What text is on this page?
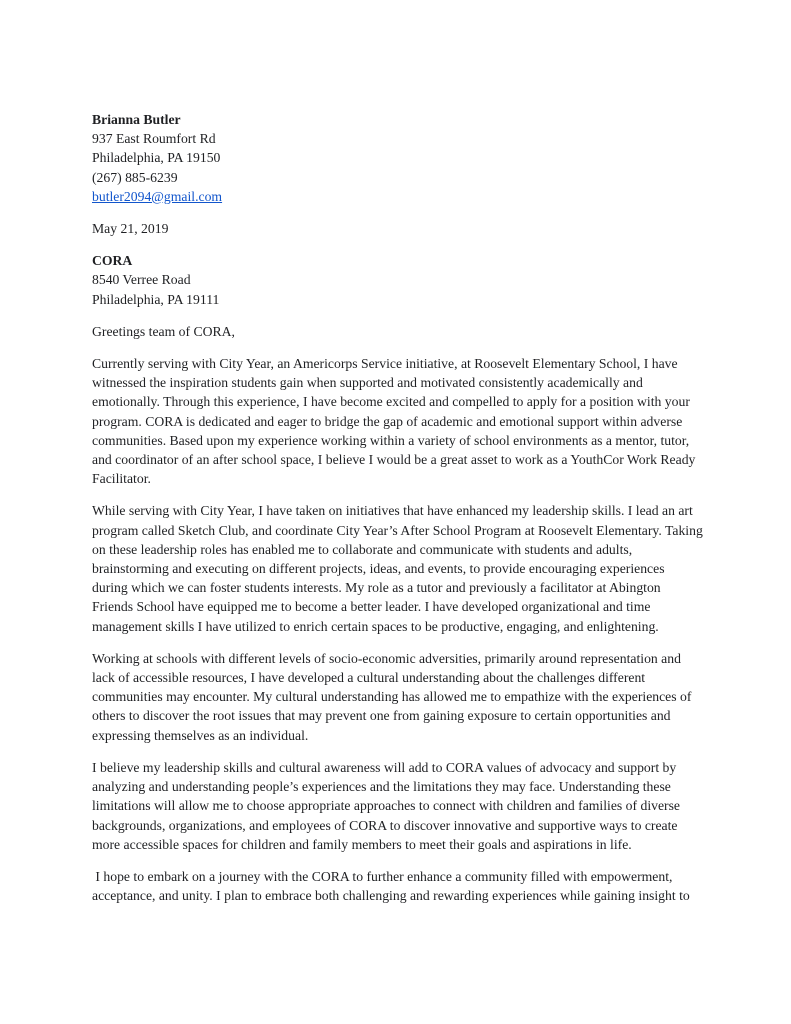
Brianna Butler
937 East Roumfort Rd
Philadelphia, PA 19150
(267) 885-6239
butler2094@gmail.com
May 21, 2019
CORA
8540 Verree Road
Philadelphia, PA 19111
Greetings team of CORA,

Currently serving with City Year, an Americorps Service initiative, at Roosevelt Elementary School, I have witnessed the inspiration students gain when supported and motivated consistently academically and emotionally. Through this experience, I have become excited and compelled to apply for a position with your program. CORA is dedicated and eager to bridge the gap of academic and emotional support within adverse communities. Based upon my experience working within a variety of school environments as a mentor, tutor, and coordinator of an after school space, I believe I would be a great asset to work as a YouthCor Work Ready Facilitator.

While serving with City Year, I have taken on initiatives that have enhanced my leadership skills. I lead an art program called Sketch Club, and coordinate City Year’s After School Program at Roosevelt Elementary. Taking on these leadership roles has enabled me to collaborate and communicate with students and adults, brainstorming and executing on different projects, ideas, and events, to provide encouraging experiences during which we can foster students interests. My role as a tutor and previously a facilitator at Abington Friends School have equipped me to become a better leader. I have developed organizational and time management skills I have utilized to enrich certain spaces to be productive, engaging, and enlightening.

Working at schools with different levels of socio-economic adversities, primarily around representation and lack of accessible resources, I have developed a cultural understanding about the challenges different communities may encounter. My cultural understanding has allowed me to empathize with the experiences of others to discover the root issues that may prevent one from gaining exposure to certain opportunities and expressing themselves as an individual.

I believe my leadership skills and cultural awareness will add to CORA values of advocacy and support by analyzing and understanding people’s experiences and the limitations they may face. Understanding these limitations will allow me to choose appropriate approaches to connect with children and families of diverse backgrounds, organizations, and employees of CORA to discover innovative and supportive ways to create more accessible spaces for children and family members to meet their goals and aspirations in life.

I hope to embark on a journey with the CORA to further enhance a community filled with empowerment, acceptance, and unity. I plan to embrace both challenging and rewarding experiences while gaining insight to
